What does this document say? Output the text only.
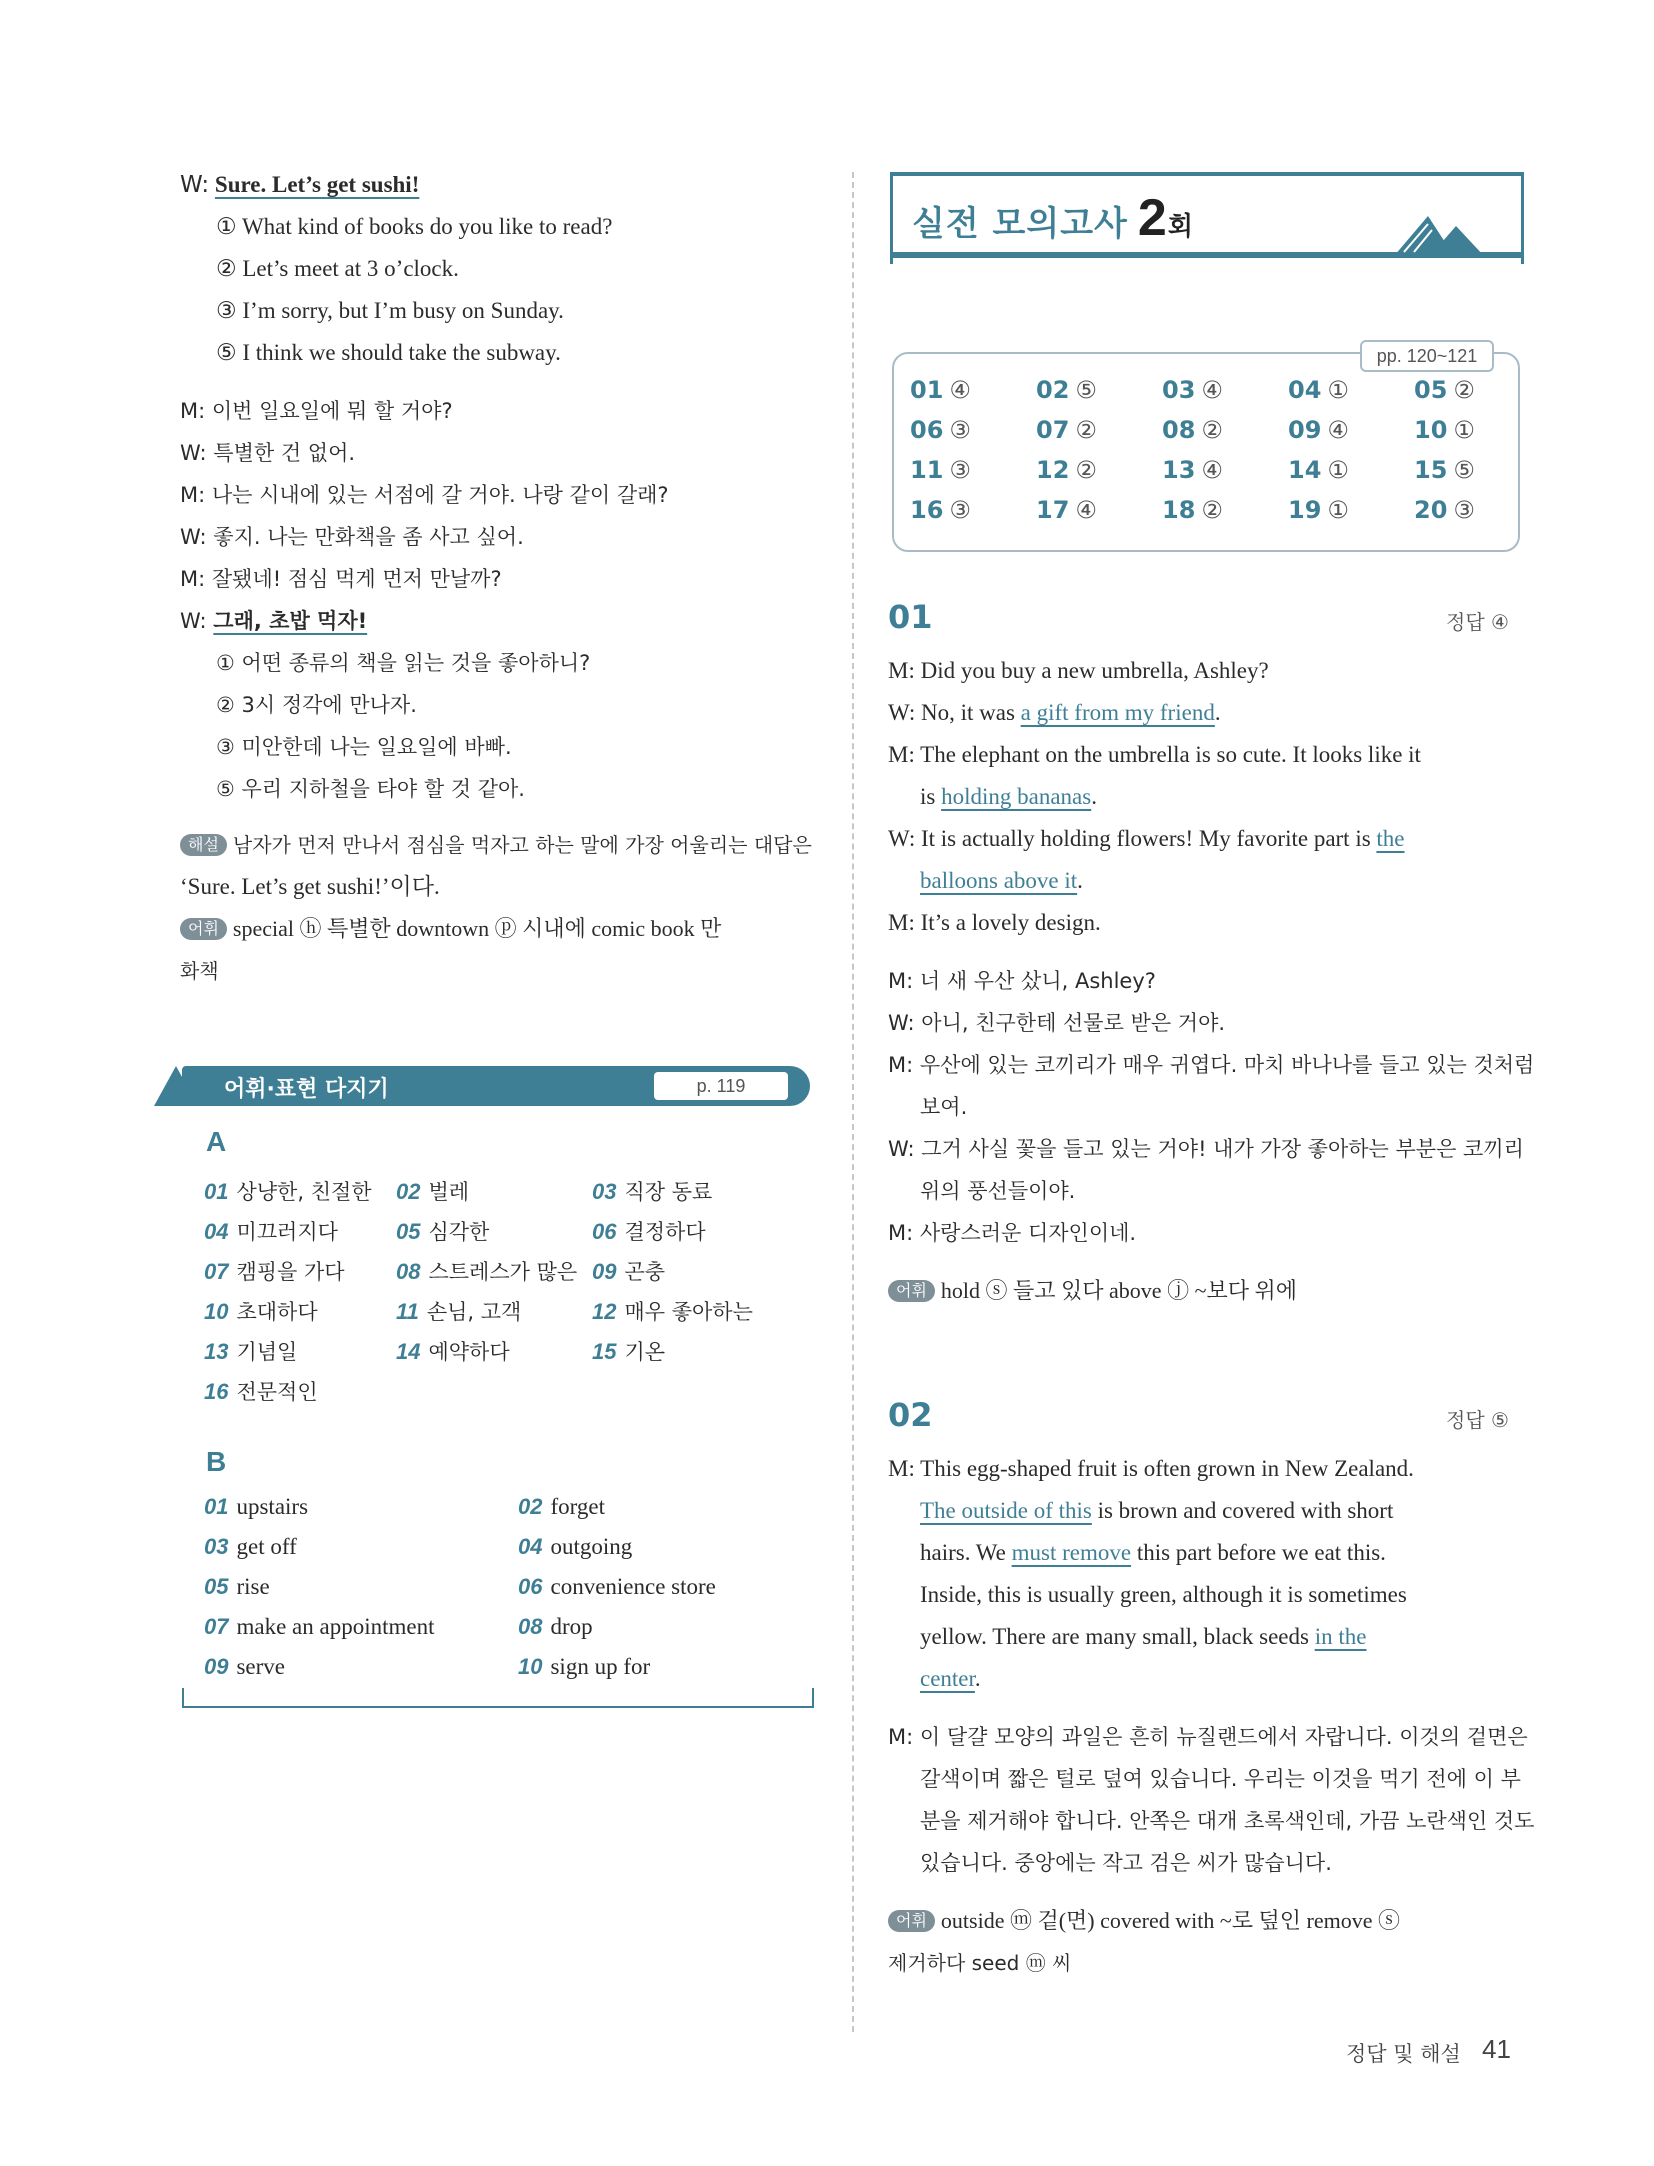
W: Sure. Let’s get sushi!
① What kind of books do you like to read?
② Let’s meet at 3 o’clock.
③ I’m sorry, but I’m busy on Sunday.
⑤ I think we should take the subway.
M: 이번 일요일에 뭐 할 거야?
W: 특별한 건 없어.
M: 나는 시내에 있는 서점에 갈 거야. 나랑 같이 갈래?
W: 좋지. 나는 만화책을 좀 사고 싶어.
M: 잘됐네! 점심 먹게 먼저 만날까?
W: 그래, 초밥 먹자!
① 어떤 종류의 책을 읽는 것을 좋아하니?
② 3시 정각에 만나자.
③ 미안한데 나는 일요일에 바빠.
⑤ 우리 지하철을 타야 할 것 같아.
해설 남자가 먼저 만나서 점심을 먹자고 하는 말에 가장 어울리는 대답은
‘Sure. Let’s get sushi!’이다.
어휘 special ⓗ 특별한 downtown ⓟ 시내에 comic book 만
화책
어휘·표현 다지기	p. 119
A
01 상냥한, 친절한 02 벌레	03 직장 동료
04 미끄러지다	05 심각한	06 결정하다
07 캠핑을 가다 08 스트레스가 많은 09 곤충
10 초대하다	11 손님, 고객	12 매우 좋아하는
13 기념일	14 예약하다	15 기온
16 전문적인
B
01 upstairs	02 forget
03 get off	04 outgoing
05 rise	06 convenience store
07 make an appointment	08 drop
09 serve	10 sign up for
실전 모의고사 2회
pp. 120~121
01 ④	02 ⑤	03 ④	04 ①	05 ②
06 ③	07 ②	08 ②	09 ④	10 ①
11 ③	12 ②	13 ④	14 ①	15 ⑤
16 ③	17 ④	18 ②	19 ①	20 ③
01	정답 ④
M: Did you buy a new umbrella, Ashley?
W: No, it was a gift from my friend.
M: The elephant on the umbrella is so cute. It looks like it
is holding bananas.
W: It is actually holding flowers! My favorite part is the
balloons above it.
M: It’s a lovely design.
M: 너 새 우산 샀니, Ashley?
W: 아니, 친구한테 선물로 받은 거야.
M: 우산에 있는 코끼리가 매우 귀엽다. 마치 바나나를 들고 있는 것처럼
보여.
W: 그거 사실 꽃을 들고 있는 거야! 내가 가장 좋아하는 부분은 코끼리
위의 풍선들이야.
M: 사랑스러운 디자인이네.
어휘 hold ⓢ 들고 있다 above ⓙ ~보다 위에
02	정답 ⑤
M: This egg-shaped fruit is often grown in New Zealand.
The outside of this is brown and covered with short
hairs. We must remove this part before we eat this.
Inside, this is usually green, although it is sometimes
yellow. There are many small, black seeds in the
center.
M: 이 달걀 모양의 과일은 흔히 뉴질랜드에서 자랍니다. 이것의 겉면은
갈색이며 짧은 털로 덮여 있습니다. 우리는 이것을 먹기 전에 이 부
분을 제거해야 합니다. 안쪽은 대개 초록색인데, 가끔 노란색인 것도
있습니다. 중앙에는 작고 검은 씨가 많습니다.
어휘 outside ⓜ 겉(면) covered with ~로 덮인 remove ⓢ
제거하다 seed ⓜ 씨
정답 및 해설 41
